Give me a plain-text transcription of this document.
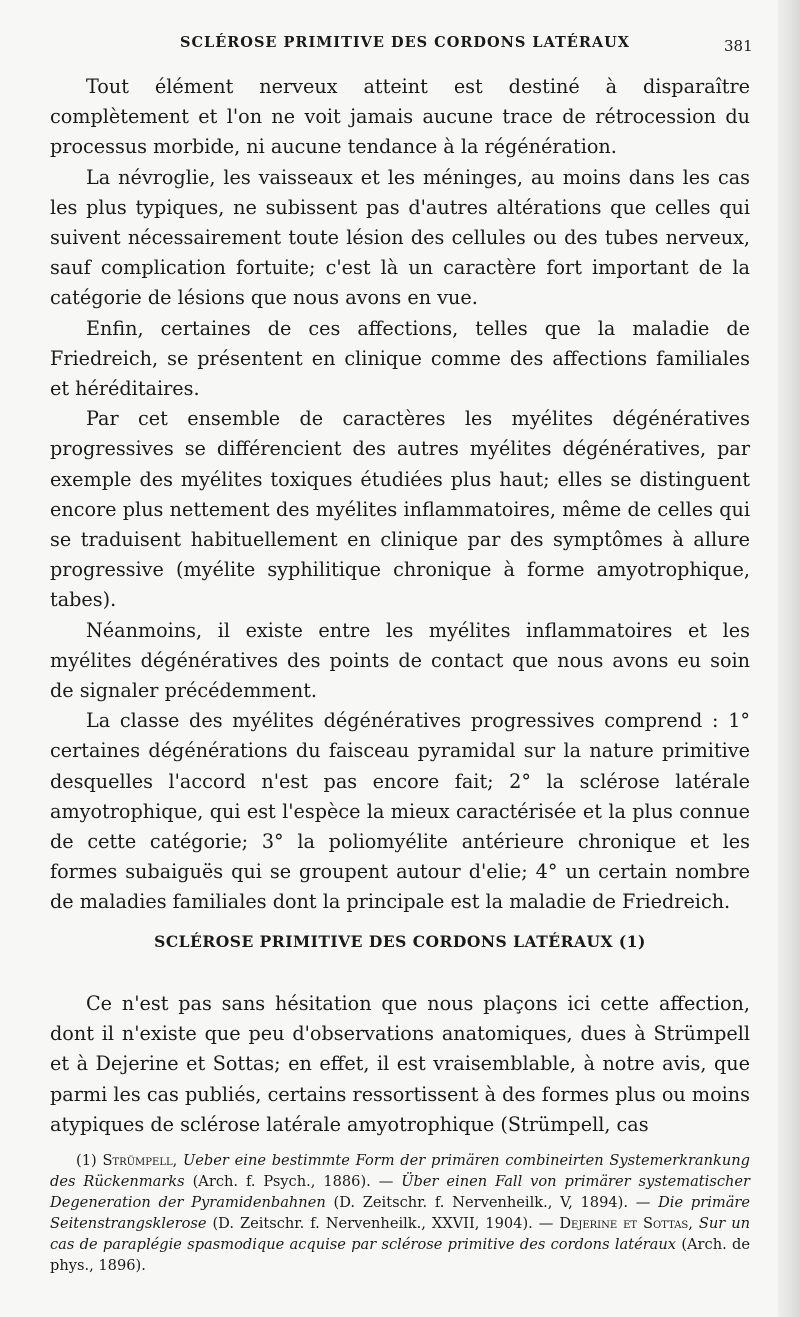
SCLÉROSE PRIMITIVE DES CORDONS LATÉRAUX	381

Tout élément nerveux atteint est destiné à disparaître complètement et l'on ne voit jamais aucune trace de rétrocession du processus morbide, ni aucune tendance à la régénération.

La névroglie, les vaisseaux et les méninges, au moins dans les cas les plus typiques, ne subissent pas d'autres altérations que celles qui suivent nécessairement toute lésion des cellules ou des tubes nerveux, sauf complication fortuite; c'est là un caractère fort important de la catégorie de lésions que nous avons en vue.

Enfin, certaines de ces affections, telles que la maladie de Friedreich, se présentent en clinique comme des affections familiales et héréditaires.

Par cet ensemble de caractères les myélites dégénératives progressives se différencient des autres myélites dégénératives, par exemple des myélites toxiques étudiées plus haut; elles se distinguent encore plus nettement des myélites inflammatoires, même de celles qui se traduisent habituellement en clinique par des symptômes à allure progressive (myélite syphilitique chronique à forme amyotrophique, tabes).

Néanmoins, il existe entre les myélites inflammatoires et les myélites dégénératives des points de contact que nous avons eu soin de signaler précédemment.

La classe des myélites dégénératives progressives comprend : 1° certaines dégénérations du faisceau pyramidal sur la nature primitive desquelles l'accord n'est pas encore fait; 2° la sclérose latérale amyotrophique, qui est l'espèce la mieux caractérisée et la plus connue de cette catégorie; 3° la poliomyélite antérieure chronique et les formes subaiguës qui se groupent autour d'elie; 4° un certain nombre de maladies familiales dont la principale est la maladie de Friedreich.

SCLÉROSE PRIMITIVE DES CORDONS LATÉRAUX (1)

Ce n'est pas sans hésitation que nous plaçons ici cette affection, dont il n'existe que peu d'observations anatomiques, dues à Strümpell et à Dejerine et Sottas; en effet, il est vraisemblable, à notre avis, que parmi les cas publiés, certains ressortissent à des formes plus ou moins atypiques de sclérose latérale amyotrophique (Strümpell, cas

(1) Strümpell, Ueber eine bestimmte Form der primären combineirten Systemerkrankung des Rückenmarks (Arch. f. Psych., 1886). — Über einen Fall von primärer systematischer Degeneration der Pyramidenbahnen (D. Zeitschr. f. Nervenheilk., V, 1894). — Die primäre Seitenstrangsklerose (D. Zeitschr. f. Nervenheilk., XXVII, 1904). — Dejerine et Sottas, Sur un cas de paraplégie spasmodique acquise par sclérose primitive des cordons latéraux (Arch. de phys., 1896).
